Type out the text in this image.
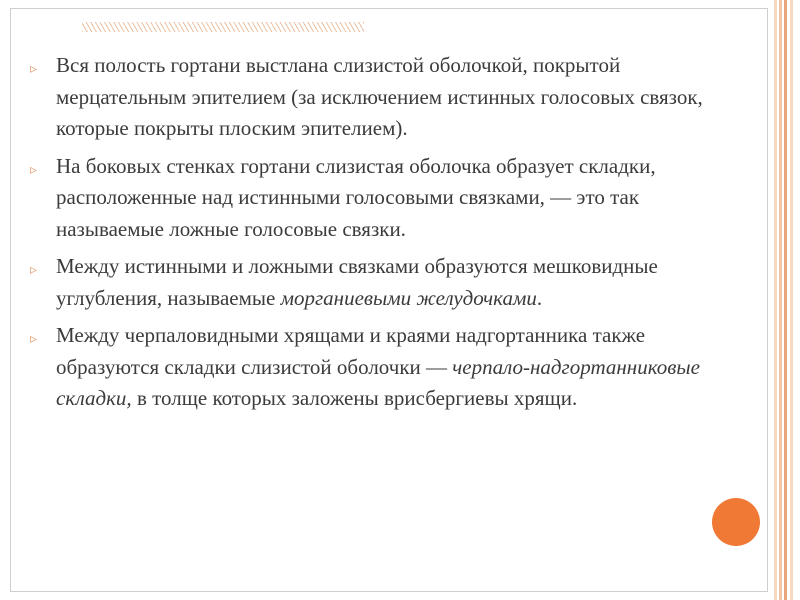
▹ Вся полость гортани выстлана слизистой оболочкой, покрытой мерцательным эпителием (за исключением истинных голосовых связок, которые покрыты плоским эпителием).
▹ На боковых стенках гортани слизистая оболочка образует складки, расположенные над истинными голосовыми связками, — это так называемые ложные голосовые связки.
▹ Между истинными и ложными связками образуются мешковидные углубления, называемые морганиевыми желудочками.
▹ Между черпаловидными хрящами и краями надгортанника также образуются складки слизистой оболочки — черпало-надгортанниковые складки, в толще которых заложены врисбергиевы хрящи.
